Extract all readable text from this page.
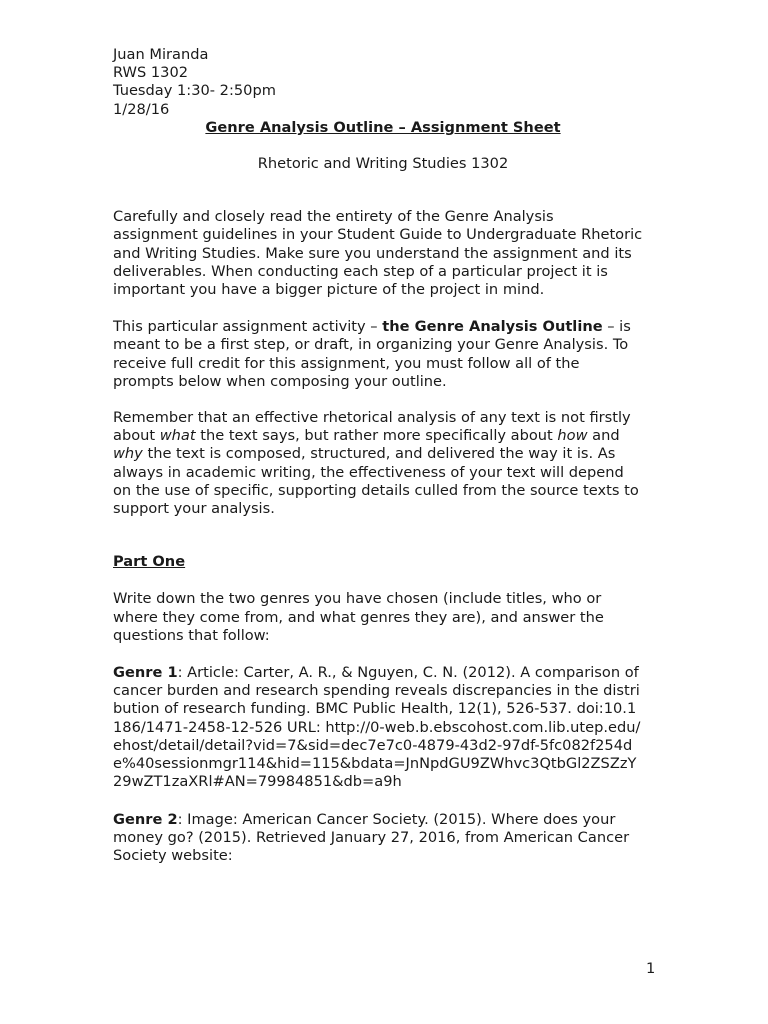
Juan Miranda
RWS 1302
Tuesday 1:30- 2:50pm
1/28/16
Genre Analysis Outline – Assignment Sheet
Rhetoric and Writing Studies 1302

Carefully and closely read the entirety of the Genre Analysis assignment guidelines in your Student Guide to Undergraduate Rhetoric and Writing Studies. Make sure you understand the assignment and its deliverables. When conducting each step of a particular project it is important you have a bigger picture of the project in mind.

This particular assignment activity – the Genre Analysis Outline – is meant to be a first step, or draft, in organizing your Genre Analysis. To receive full credit for this assignment, you must follow all of the prompts below when composing your outline.

Remember that an effective rhetorical analysis of any text is not firstly about what the text says, but rather more specifically about how and why the text is composed, structured, and delivered the way it is. As always in academic writing, the effectiveness of your text will depend on the use of specific, supporting details culled from the source texts to support your analysis.

Part One

Write down the two genres you have chosen (include titles, who or where they come from, and what genres they are), and answer the questions that follow:

Genre 1: Article: Carter, A. R., & Nguyen, C. N. (2012). A comparison of cancer burden and research spending reveals discrepancies in the distribution of research funding. BMC Public Health, 12(1), 526-537. doi:10.1186/1471-2458-12-526 URL: http://0-web.b.ebscohost.com.lib.utep.edu/ehost/detail/detail?vid=7&sid=dec7e7c0-4879-43d2-97df-5fc082f254de%40sessionmgr114&hid=115&bdata=JnNpdGU9ZWhvc3QtbGl2ZSZzY29wZT1zaXRl#AN=79984851&db=a9h

Genre 2: Image: American Cancer Society. (2015). Where does your money go? (2015). Retrieved January 27, 2016, from American Cancer Society website:

1
